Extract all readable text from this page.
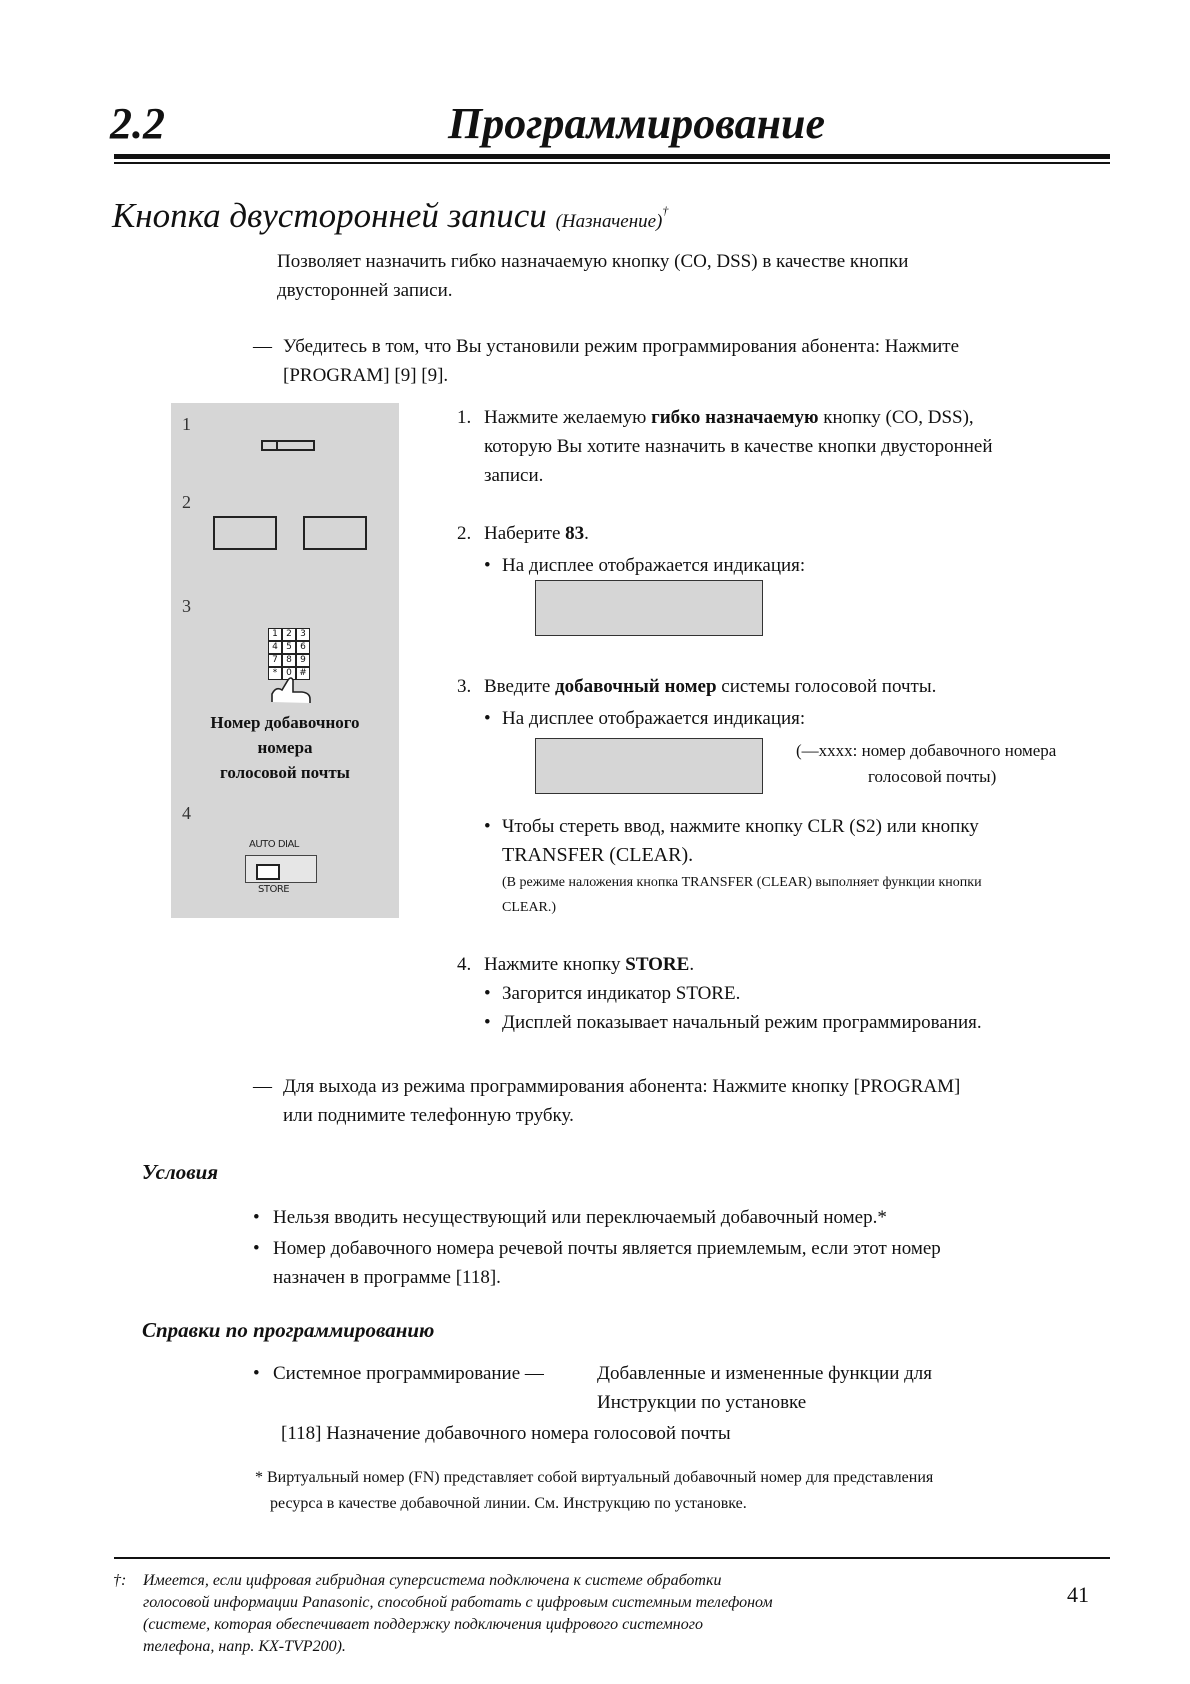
2.2	Программирование
Кнопка двусторонней записи (Назначение)†
Позволяет назначить гибко назначаемую кнопку (CO, DSS) в качестве кнопки
двусторонней записи.
— Убедитесь в том, что Вы установили режим программирования абонента: Нажмите
[PROGRAM] [9] [9].
1
2
3
1 2 3
4 5 6
7 8 9
* 0 #
Номер добавочного
номера
голосовой почты
4
AUTO DIAL
STORE
1. Нажмите желаемую гибко назначаемую кнопку (CO, DSS),
которую Вы хотите назначить в качестве кнопки двусторонней
записи.
2. Наберите 83.
• На дисплее отображается индикация:
3. Введите добавочный номер системы голосовой почты.
• На дисплее отображается индикация:
(—xxxx: номер добавочного номера
голосовой почты)
• Чтобы стереть ввод, нажмите кнопку CLR (S2) или кнопку
TRANSFER (CLEAR).
(В режиме наложения кнопка TRANSFER (CLEAR) выполняет функции кнопки
CLEAR.)
4. Нажмите кнопку STORE.
• Загорится индикатор STORE.
• Дисплей показывает начальный режим программирования.
— Для выхода из режима программирования абонента: Нажмите кнопку [PROGRAM]
или поднимите телефонную трубку.
Условия
• Нельзя вводить несуществующий или переключаемый добавочный номер.*
• Номер добавочного номера речевой почты является приемлемым, если этот номер
назначен в программе [118].
Справки по программированию
• Системное программирование —	Добавленные и измененные функции для
Инструкции по установке
[118] Назначение добавочного номера голосовой почты
* Виртуальный номер (FN) представляет собой виртуальный добавочный номер для представления
ресурса в качестве добавочной линии. См. Инструкцию по установке.
†: Имеется, если цифровая гибридная суперсистема подключена к системе обработки
голосовой информации Panasonic, способной работать с цифровым системным телефоном
(системе, которая обеспечивает поддержку подключения цифрового системного
телефона, напр. KX-TVP200).
41
